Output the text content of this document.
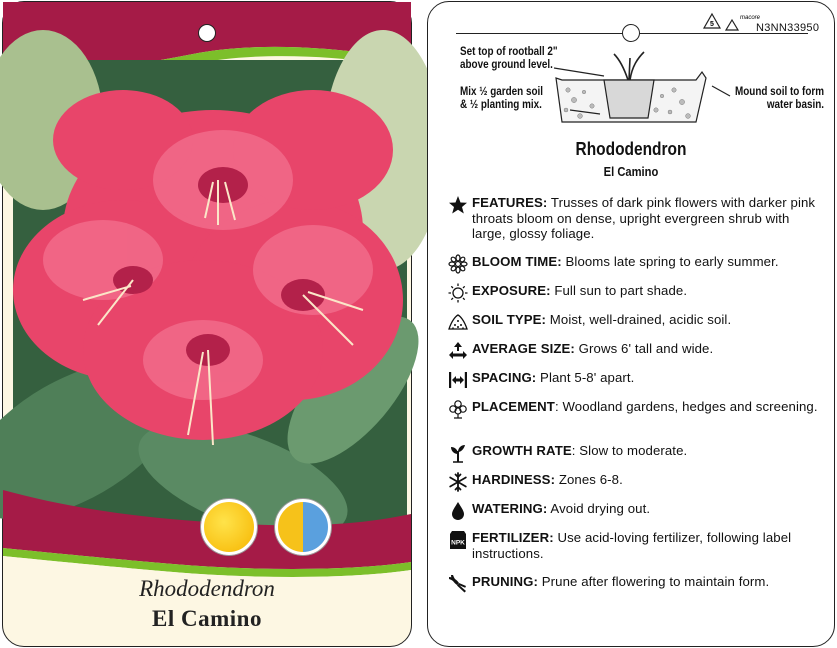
Rhododendron
El Camino
5
macore
N3NN33950
Set top of rootball 2"
above ground level.
Mix ½ garden soil
& ½ planting mix.
Mound soil to form
water basin.
Rhododendron
El Camino
FEATURES: Trusses of dark pink flowers with darker pink throats bloom on dense, upright evergreen shrub with large, glossy foliage.
BLOOM TIME: Blooms late spring to early summer.
EXPOSURE: Full sun to part shade.
SOIL TYPE: Moist, well-drained, acidic soil.
AVERAGE SIZE: Grows 6' tall and wide.
SPACING: Plant 5-8' apart.
PLACEMENT: Woodland gardens, hedges and screening.
GROWTH RATE: Slow to moderate.
HARDINESS: Zones 6-8.
WATERING: Avoid drying out.
NPK FERTILIZER: Use acid-loving fertilizer, following label instructions.
PRUNING: Prune after flowering to maintain form.
